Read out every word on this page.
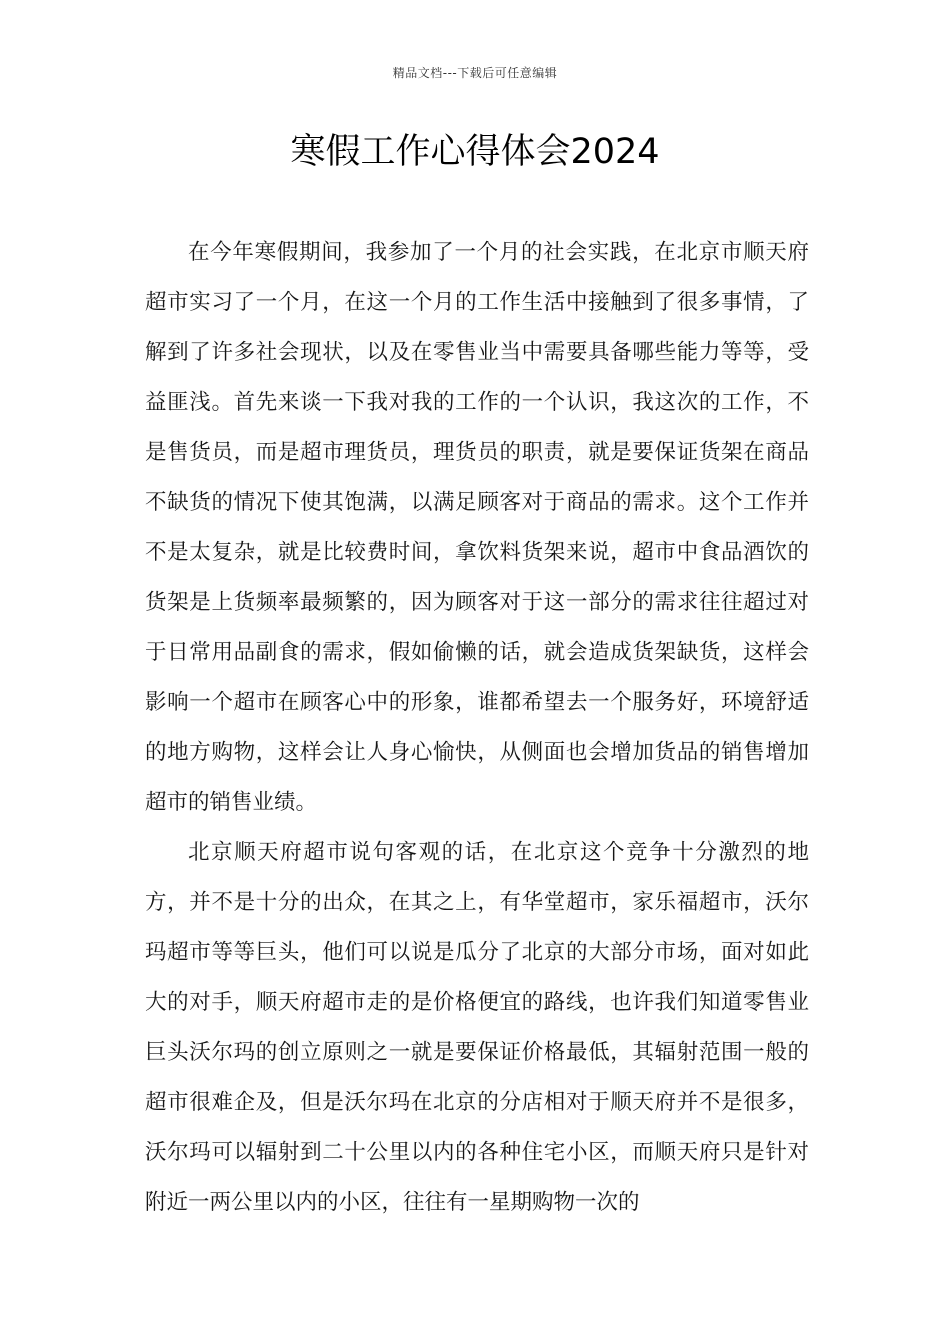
精品文档---下载后可任意编辑
寒假工作心得体会2024

在今年寒假期间，我参加了一个月的社会实践，在北京市顺天府超市实习了一个月，在这一个月的工作生活中接触到了很多事情，了解到了许多社会现状，以及在零售业当中需要具备哪些能力等等，受益匪浅。首先来谈一下我对我的工作的一个认识，我这次的工作，不是售货员，而是超市理货员，理货员的职责，就是要保证货架在商品不缺货的情况下使其饱满，以满足顾客对于商品的需求。这个工作并不是太复杂，就是比较费时间，拿饮料货架来说，超市中食品酒饮的货架是上货频率最频繁的，因为顾客对于这一部分的需求往往超过对于日常用品副食的需求，假如偷懒的话，就会造成货架缺货，这样会影响一个超市在顾客心中的形象，谁都希望去一个服务好，环境舒适的地方购物，这样会让人身心愉快，从侧面也会增加货品的销售增加超市的销售业绩。

北京顺天府超市说句客观的话，在北京这个竞争十分激烈的地方，并不是十分的出众，在其之上，有华堂超市，家乐福超市，沃尔玛超市等等巨头，他们可以说是瓜分了北京的大部分市场，面对如此大的对手，顺天府超市走的是价格便宜的路线，也许我们知道零售业巨头沃尔玛的创立原则之一就是要保证价格最低，其辐射范围一般的超市很难企及，但是沃尔玛在北京的分店相对于顺天府并不是很多，沃尔玛可以辐射到二十公里以内的各种住宅小区，而顺天府只是针对附近一两公里以内的小区，往往有一星期购物一次的
